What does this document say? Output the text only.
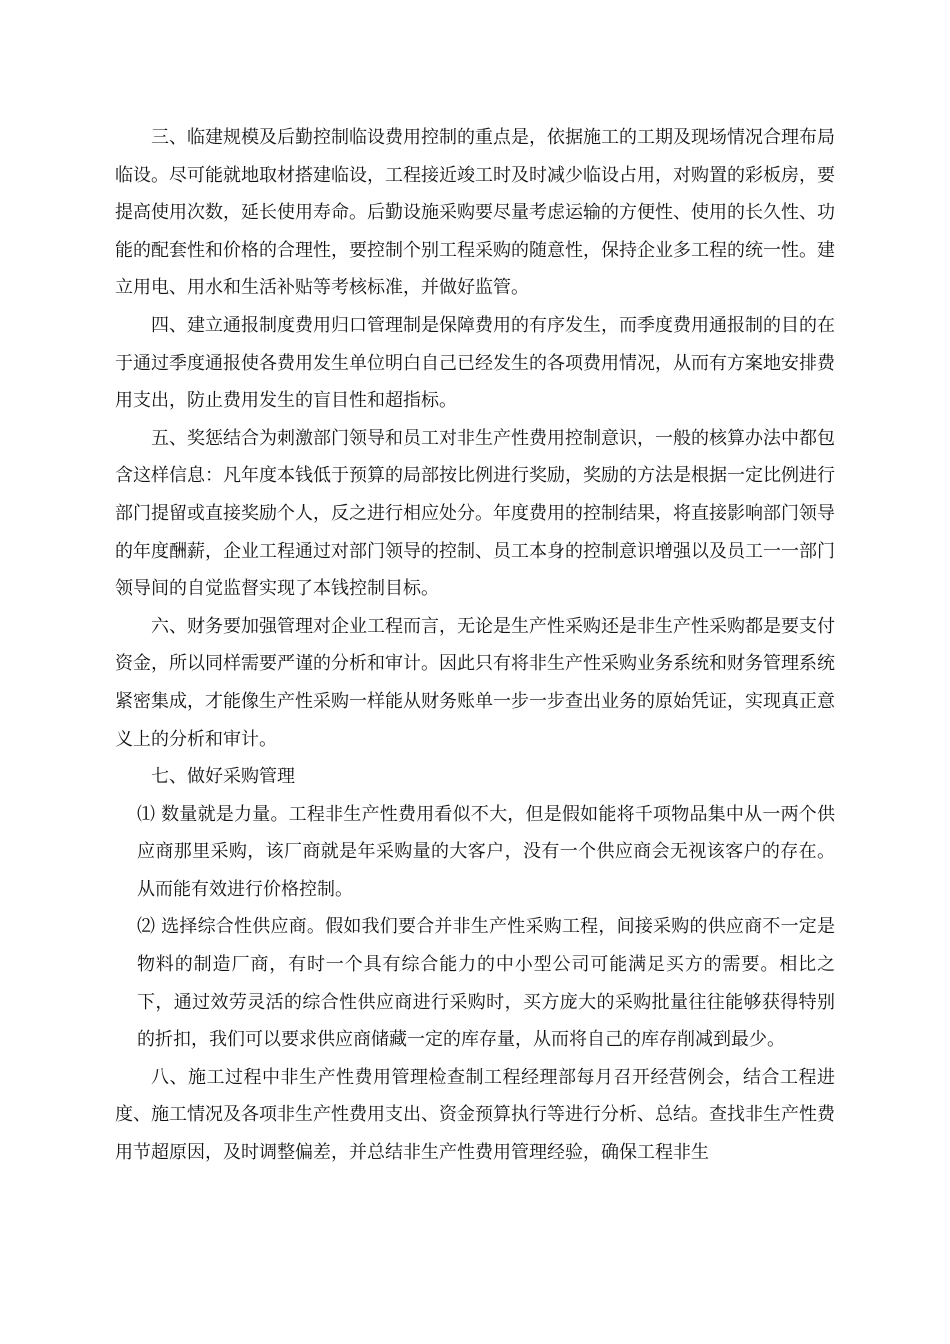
三、临建规模及后勤控制临设费用控制的重点是，依据施工的工期及现场情况合理布局临设。尽可能就地取材搭建临设，工程接近竣工时及时减少临设占用，对购置的彩板房，要提高使用次数，延长使用寿命。后勤设施采购要尽量考虑运输的方便性、使用的长久性、功能的配套性和价格的合理性，要控制个别工程采购的随意性，保持企业多工程的统一性。建立用电、用水和生活补贴等考核标准，并做好监管。

四、建立通报制度费用归口管理制是保障费用的有序发生，而季度费用通报制的目的在于通过季度通报使各费用发生单位明白自己已经发生的各项费用情况，从而有方案地安排费用支出，防止费用发生的盲目性和超指标。

五、奖惩结合为刺激部门领导和员工对非生产性费用控制意识，一般的核算办法中都包含这样信息：凡年度本钱低于预算的局部按比例进行奖励，奖励的方法是根据一定比例进行部门提留或直接奖励个人，反之进行相应处分。年度费用的控制结果，将直接影响部门领导的年度酬薪，企业工程通过对部门领导的控制、员工本身的控制意识增强以及员工一一部门领导间的自觉监督实现了本钱控制目标。

六、财务要加强管理对企业工程而言，无论是生产性采购还是非生产性采购都是要支付资金，所以同样需要严谨的分析和审计。因此只有将非生产性采购业务系统和财务管理系统紧密集成，才能像生产性采购一样能从财务账单一步一步查出业务的原始凭证，实现真正意义上的分析和审计。

七、做好采购管理

⑴ 数量就是力量。工程非生产性费用看似不大，但是假如能将千项物品集中从一两个供应商那里采购，该厂商就是年采购量的大客户，没有一个供应商会无视该客户的存在。从而能有效进行价格控制。

⑵ 选择综合性供应商。假如我们要合并非生产性采购工程，间接采购的供应商不一定是物料的制造厂商，有时一个具有综合能力的中小型公司可能满足买方的需要。相比之下，通过效劳灵活的综合性供应商进行采购时，买方庞大的采购批量往往能够获得特别的折扣，我们可以要求供应商储藏一定的库存量，从而将自己的库存削减到最少。

八、施工过程中非生产性费用管理检查制工程经理部每月召开经营例会，结合工程进度、施工情况及各项非生产性费用支出、资金预算执行等进行分析、总结。查找非生产性费用节超原因，及时调整偏差，并总结非生产性费用管理经验，确保工程非生
